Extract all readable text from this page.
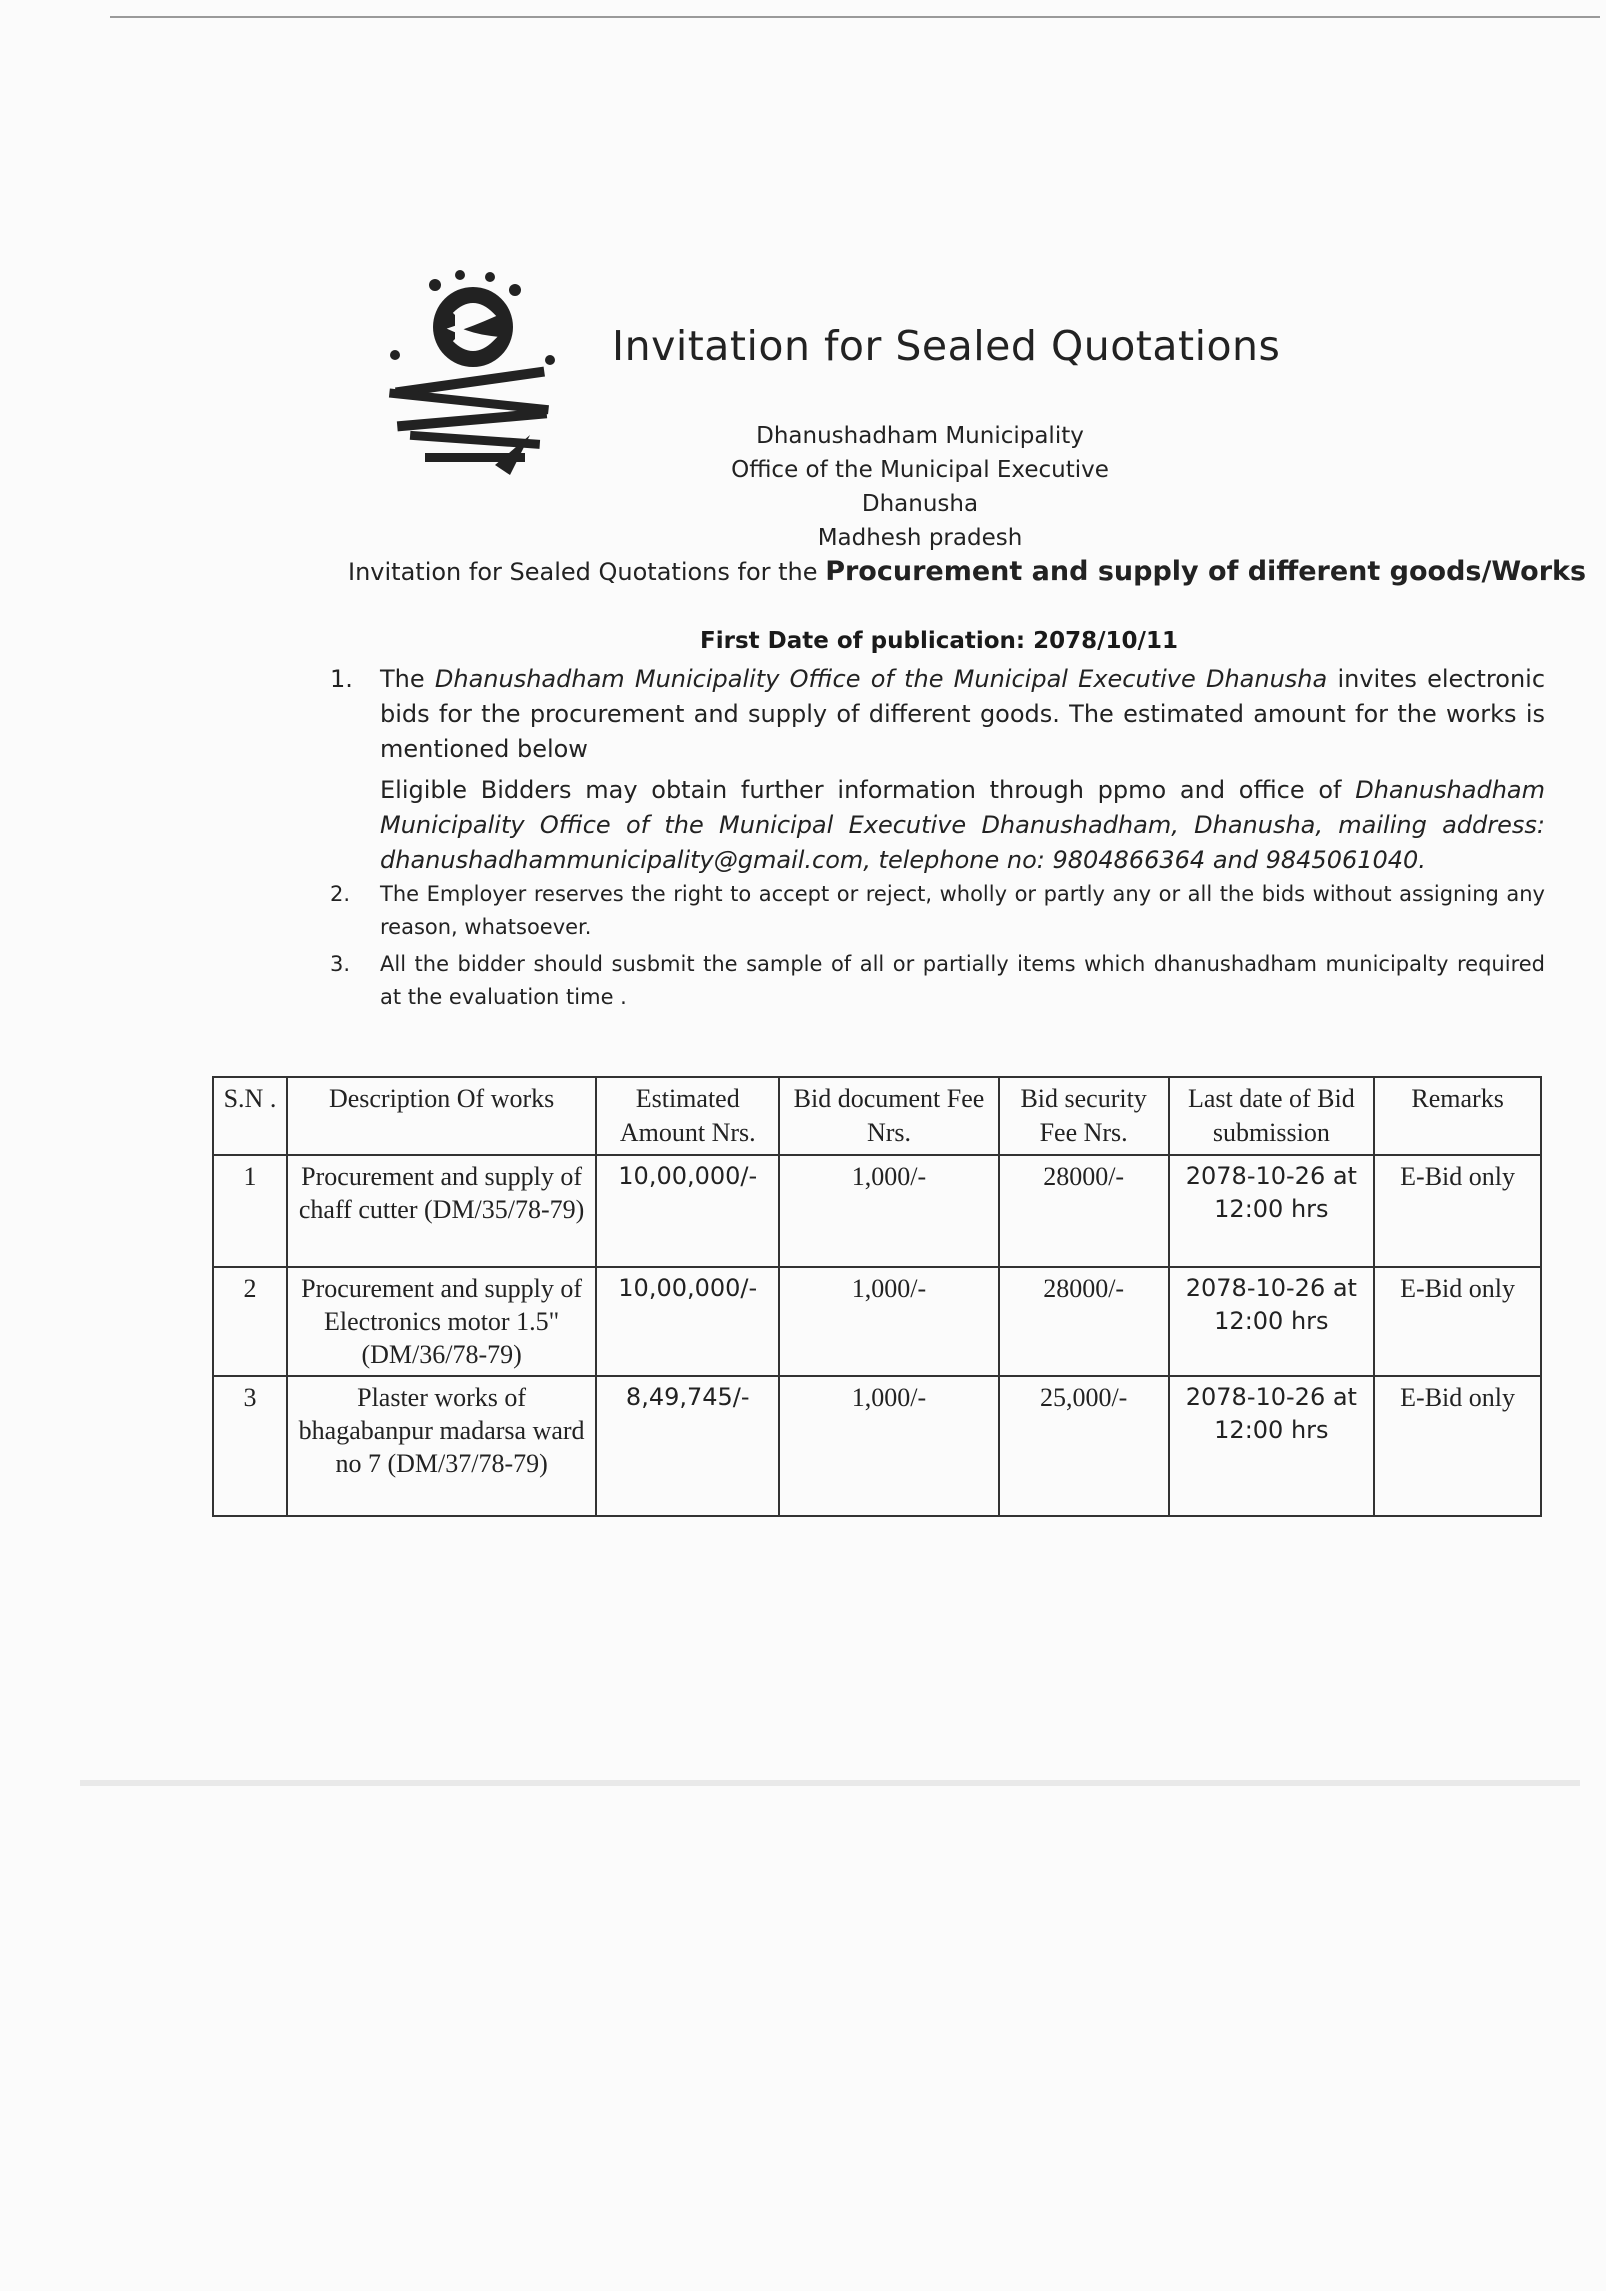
Invitation for Sealed Quotations
Dhanushadham Municipality
Office of the Municipal Executive
Dhanusha
Madhesh pradesh
Invitation for Sealed Quotations for the Procurement and supply of different goods/Works
First Date of publication: 2078/10/11
1. The Dhanushadham Municipality Office of the Municipal Executive Dhanusha invites electronic bids for the procurement and supply of different goods. The estimated amount for the works is mentioned below
Eligible Bidders may obtain further information through ppmo and office of Dhanushadham Municipality Office of the Municipal Executive Dhanushadham, Dhanusha, mailing address: dhanushadhammunicipality@gmail.com, telephone no: 9804866364 and 9845061040.
2. The Employer reserves the right to accept or reject, wholly or partly any or all the bids without assigning any reason, whatsoever.
3. All the bidder should susbmit the sample of all or partially items which dhanushadham municipalty required at the evaluation time .
S.N .	Description Of works	Estimated Amount Nrs.	Bid document Fee Nrs.	Bid security Fee Nrs.	Last date of Bid submission	Remarks
1	Procurement and supply of chaff cutter (DM/35/78-79)	10,00,000/-	1,000/-	28000/-	2078-10-26 at 12:00 hrs	E-Bid only
2	Procurement and supply of Electronics motor 1.5" (DM/36/78-79)	10,00,000/-	1,000/-	28000/-	2078-10-26 at 12:00 hrs	E-Bid only
3	Plaster works of bhagabanpur madarsa ward no 7 (DM/37/78-79)	8,49,745/-	1,000/-	25,000/-	2078-10-26 at 12:00 hrs	E-Bid only
